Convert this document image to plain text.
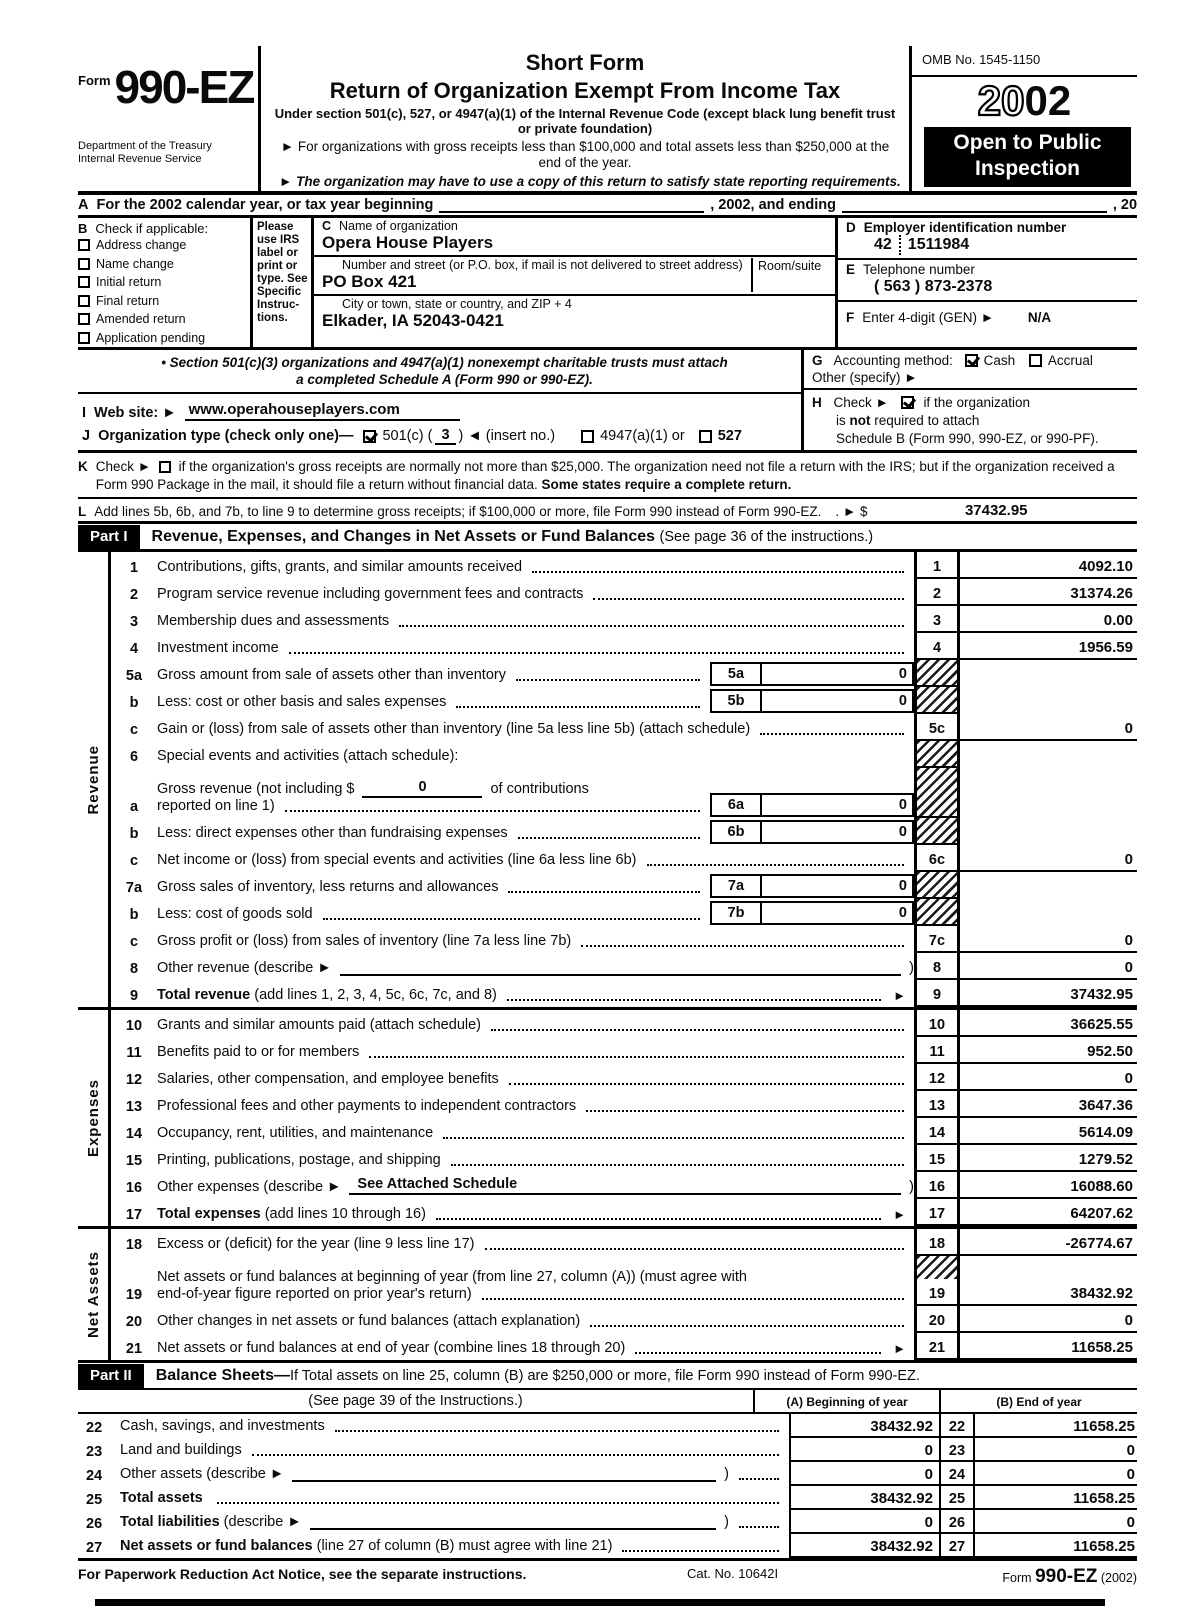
Form 990-EZ
Department of the Treasury
Internal Revenue Service
Short Form
Return of Organization Exempt From Income Tax
Under section 501(c), 527, or 4947(a)(1) of the Internal Revenue Code (except black lung benefit trust or private foundation)
► For organizations with gross receipts less than $100,000 and total assets less than $250,000 at the end of the year.
► The organization may have to use a copy of this return to satisfy state reporting requirements.
OMB No. 1545-1150
2002
Open to Public
Inspection
A For the 2002 calendar year, or tax year beginning	, 2002, and ending	, 20
B Check if applicable:
Address change
Name change
Initial return
Final return
Amended return
Application pending
Please use IRS label or print or type. See Specific Instruc- tions.
C Name of organization
Opera House Players
Number and street (or P.O. box, if mail is not delivered to street address)
PO Box 421
Room/suite
City or town, state or country, and ZIP + 4
Elkader, IA 52043-0421
D Employer identification number
42 1511984
E Telephone number
( 563 ) 873-2378
F Enter 4-digit (GEN) ►	N/A
• Section 501(c)(3) organizations and 4947(a)(1) nonexempt charitable trusts must attach
a completed Schedule A (Form 990 or 990-EZ).
I Web site: ► www.operahouseplayers.com
J Organization type (check only one)— 501(c) ( 3 ) ◄ (insert no.)	4947(a)(1) or 527
G Accounting method: Cash Accrual
Other (specify) ►
H Check ►	if the organization
is not required to attach
Schedule B (Form 990, 990-EZ, or 990-PF).
K Check ► if the organization's gross receipts are normally not more than $25,000. The organization need not file a return with the IRS; but if the organization received a Form 990 Package in the mail, it should file a return without financial data. Some states require a complete return.
L Add lines 5b, 6b, and 7b, to line 9 to determine gross receipts; if $100,000 or more, file Form 990 instead of Form 990-EZ. . ► $	37432.95
Part I	Revenue, Expenses, and Changes in Net Assets or Fund Balances (See page 36 of the instructions.)
Revenue
1	Contributions, gifts, grants, and similar amounts received	1	4092.10
2	Program service revenue including government fees and contracts	2	31374.26
3	Membership dues and assessments	3	0.00
4	Investment income	4	1956.59
5a	Gross amount from sale of assets other than inventory	5a	0
b	Less: cost or other basis and sales expenses	5b	0
c	Gain or (loss) from sale of assets other than inventory (line 5a less line 5b) (attach schedule)	5c	0
6	Special events and activities (attach schedule):
a
Gross revenue (not including $	0	of contributions
reported on line 1)	6a	0
b	Less: direct expenses other than fundraising expenses	6b	0
c	Net income or (loss) from special events and activities (line 6a less line 6b)	6c	0
7a	Gross sales of inventory, less returns and allowances	7a	0
b	Less: cost of goods sold	7b	0
c	Gross profit or (loss) from sales of inventory (line 7a less line 7b)	7c	0
8	Other revenue (describe ►	)	8	0
9	Total revenue (add lines 1, 2, 3, 4, 5c, 6c, 7c, and 8)	►	9	37432.95
Expenses
10	Grants and similar amounts paid (attach schedule)	10	36625.55
11	Benefits paid to or for members	11	952.50
12	Salaries, other compensation, and employee benefits	12	0
13	Professional fees and other payments to independent contractors	13	3647.36
14	Occupancy, rent, utilities, and maintenance	14	5614.09
15	Printing, publications, postage, and shipping	15	1279.52
16	Other expenses (describe ►	See Attached Schedule	)	16	16088.60
17	Total expenses (add lines 10 through 16)	►	17	64207.62
Net Assets
18	Excess or (deficit) for the year (line 9 less line 17)	18	-26774.67
19
Net assets or fund balances at beginning of year (from line 27, column (A)) (must agree with
end-of-year figure reported on prior year's return)	19	38432.92
20	Other changes in net assets or fund balances (attach explanation)	20	0
21	Net assets or fund balances at end of year (combine lines 18 through 20)	►	21	11658.25
Part II	Balance Sheets—If Total assets on line 25, column (B) are $250,000 or more, file Form 990 instead of Form 990-EZ.
(See page 39 of the Instructions.)	(A) Beginning of year	(B) End of year
22	Cash, savings, and investments	38432.92	22	11658.25
23	Land and buildings	0	23	0
24	Other assets (describe ►	)	0	24	0
25	Total assets	38432.92	25	11658.25
26	Total liabilities (describe ►	)	0	26	0
27	Net assets or fund balances (line 27 of column (B) must agree with line 21)	38432.92	27	11658.25
For Paperwork Reduction Act Notice, see the separate instructions.	Cat. No. 10642I	Form 990-EZ (2002)
